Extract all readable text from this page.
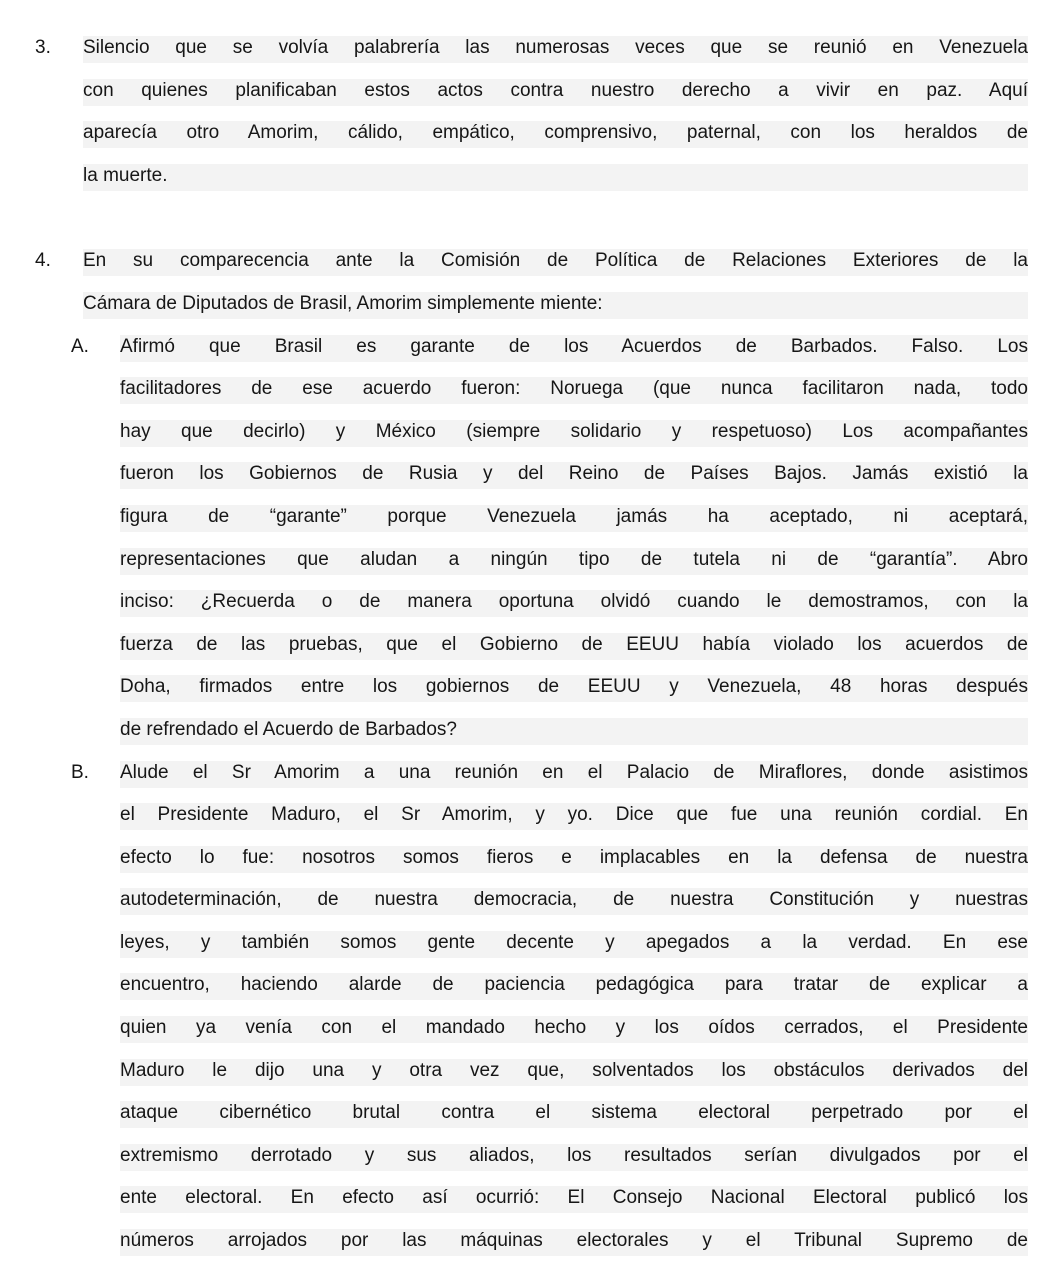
3. Silencio que se volvía palabrería las numerosas veces que se reunió en Venezuela
con quienes planificaban estos actos contra nuestro derecho a vivir en paz. Aquí
aparecía otro Amorim, cálido, empático, comprensivo, paternal, con los heraldos de
la muerte.
4. En su comparecencia ante la Comisión de Política de Relaciones Exteriores de la
Cámara de Diputados de Brasil, Amorim simplemente miente:
A. Afirmó que Brasil es garante de los Acuerdos de Barbados. Falso. Los
facilitadores de ese acuerdo fueron: Noruega (que nunca facilitaron nada, todo
hay que decirlo) y México (siempre solidario y respetuoso) Los acompañantes
fueron los Gobiernos de Rusia y del Reino de Países Bajos. Jamás existió la
figura de “garante” porque Venezuela jamás ha aceptado, ni aceptará,
representaciones que aludan a ningún tipo de tutela ni de “garantía”. Abro
inciso: ¿Recuerda o de manera oportuna olvidó cuando le demostramos, con la
fuerza de las pruebas, que el Gobierno de EEUU había violado los acuerdos de
Doha, firmados entre los gobiernos de EEUU y Venezuela, 48 horas después
de refrendado el Acuerdo de Barbados?
B. Alude el Sr Amorim a una reunión en el Palacio de Miraflores, donde asistimos
el Presidente Maduro, el Sr Amorim, y yo. Dice que fue una reunión cordial. En
efecto lo fue: nosotros somos fieros e implacables en la defensa de nuestra
autodeterminación, de nuestra democracia, de nuestra Constitución y nuestras
leyes, y también somos gente decente y apegados a la verdad. En ese
encuentro, haciendo alarde de paciencia pedagógica para tratar de explicar a
quien ya venía con el mandado hecho y los oídos cerrados, el Presidente
Maduro le dijo una y otra vez que, solventados los obstáculos derivados del
ataque cibernético brutal contra el sistema electoral perpetrado por el
extremismo derrotado y sus aliados, los resultados serían divulgados por el
ente electoral. En efecto así ocurrió: El Consejo Nacional Electoral publicó los
números arrojados por las máquinas electorales y el Tribunal Supremo de
